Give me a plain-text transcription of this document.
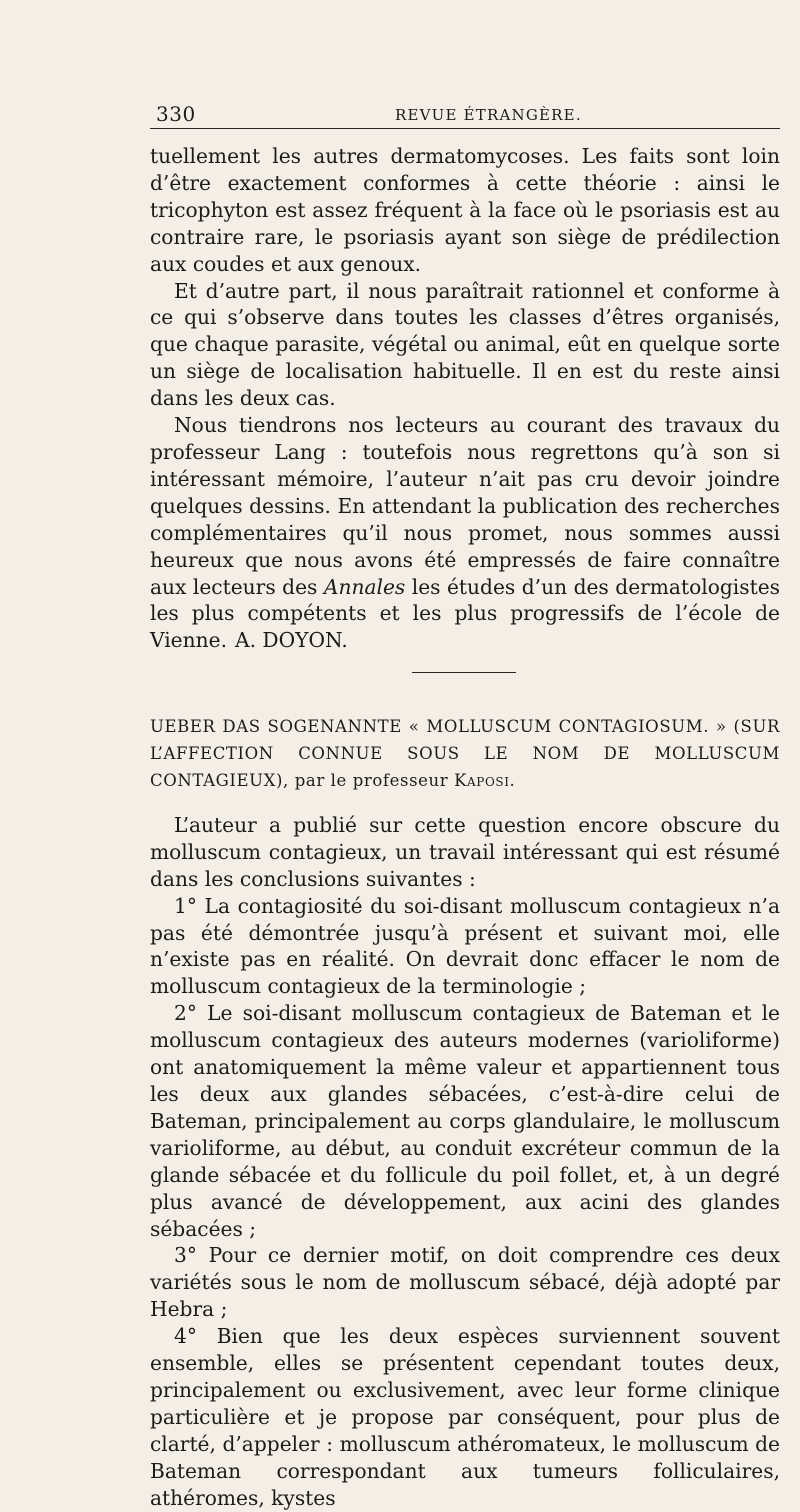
330	REVUE ÉTRANGÈRE.

tuellement les autres dermatomycoses. Les faits sont loin d’être exactement conformes à cette théorie : ainsi le tricophyton est assez fréquent à la face où le psoriasis est au contraire rare, le psoriasis ayant son siège de prédilection aux coudes et aux genoux.

Et d’autre part, il nous paraîtrait rationnel et conforme à ce qui s’observe dans toutes les classes d’êtres organisés, que chaque parasite, végétal ou animal, eût en quelque sorte un siège de localisation habituelle. Il en est du reste ainsi dans les deux cas.

Nous tiendrons nos lecteurs au courant des travaux du professeur Lang : toutefois nous regrettons qu’à son si intéressant mémoire, l’auteur n’ait pas cru devoir joindre quelques dessins. En attendant la publication des recherches complémentaires qu’il nous promet, nous sommes aussi heureux que nous avons été empressés de faire connaître aux lecteurs des Annales les études d’un des dermatologistes les plus compétents et les plus progressifs de l’école de Vienne. A. DOYON.

UEBER DAS SOGENANNTE « MOLLUSCUM CONTAGIOSUM. » (SUR L’AFFECTION CONNUE SOUS LE NOM DE MOLLUSCUM CONTAGIEUX), par le professeur Kaposi.

L’auteur a publié sur cette question encore obscure du molluscum contagieux, un travail intéressant qui est résumé dans les conclusions suivantes :

1° La contagiosité du soi-disant molluscum contagieux n’a pas été démontrée jusqu’à présent et suivant moi, elle n’existe pas en réalité. On devrait donc effacer le nom de molluscum contagieux de la terminologie ;

2° Le soi-disant molluscum contagieux de Bateman et le molluscum contagieux des auteurs modernes (varioliforme) ont anatomiquement la même valeur et appartiennent tous les deux aux glandes sébacées, c’est-à-dire celui de Bateman, principalement au corps glandulaire, le molluscum varioliforme, au début, au conduit excréteur commun de la glande sébacée et du follicule du poil follet, et, à un degré plus avancé de développement, aux acini des glandes sébacées ;

3° Pour ce dernier motif, on doit comprendre ces deux variétés sous le nom de molluscum sébacé, déjà adopté par Hebra ;

4° Bien que les deux espèces surviennent souvent ensemble, elles se présentent cependant toutes deux, principalement ou exclusivement, avec leur forme clinique particulière et je propose par conséquent, pour plus de clarté, d’appeler : molluscum athéromateux, le molluscum de Bateman correspondant aux tumeurs folliculaires, athéromes, kystes
